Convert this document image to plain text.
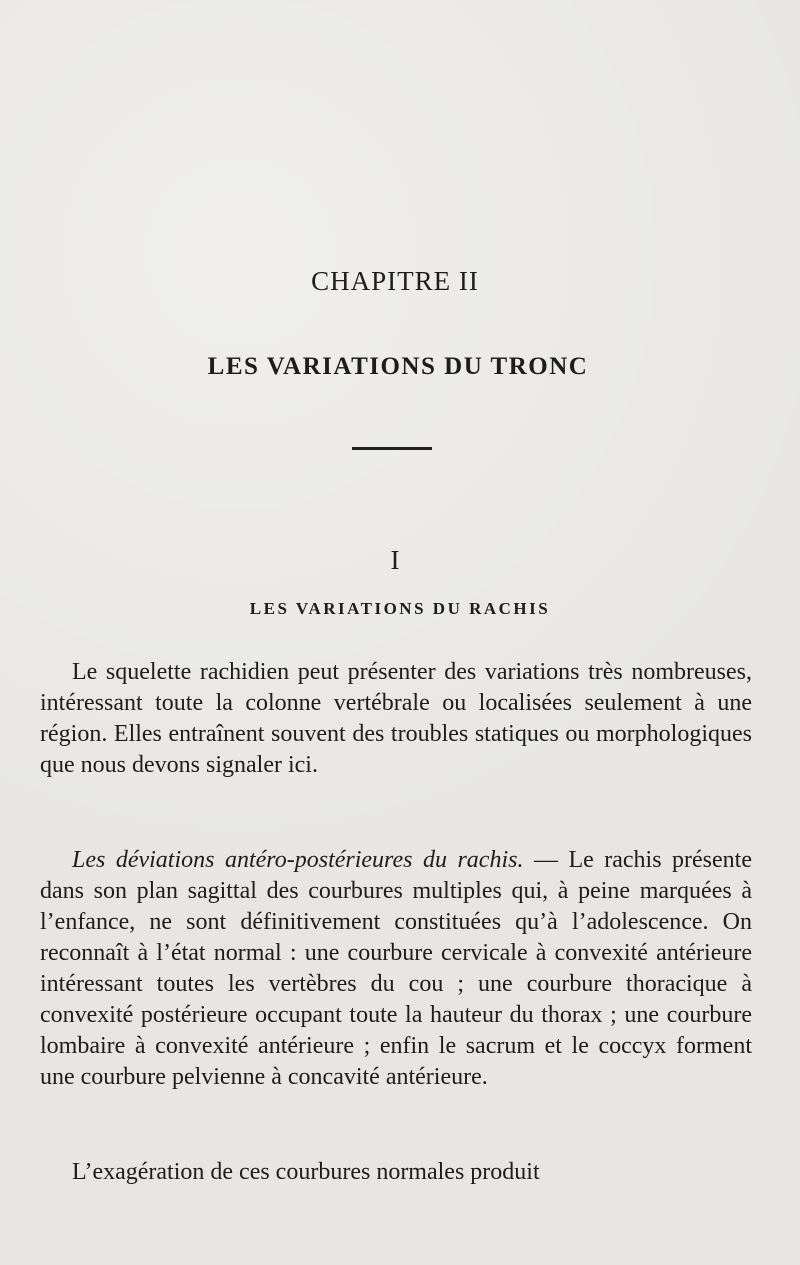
CHAPITRE II
LES VARIATIONS DU TRONC
I
LES VARIATIONS DU RACHIS

Le squelette rachidien peut présenter des variations très nombreuses, intéressant toute la colonne vertébrale ou localisées seulement à une région. Elles entraînent souvent des troubles statiques ou morphologiques que nous devons signaler ici.

Les déviations antéro-postérieures du rachis. — Le rachis présente dans son plan sagittal des courbures multiples qui, à peine marquées à l’enfance, ne sont définitivement constituées qu’à l’adolescence. On reconnaît à l’état normal : une courbure cervicale à convexité antérieure intéressant toutes les vertèbres du cou ; une courbure thoracique à convexité postérieure occupant toute la hauteur du thorax ; une courbure lombaire à convexité antérieure ; enfin le sacrum et le coccyx forment une courbure pelvienne à concavité antérieure.

L’exagération de ces courbures normales produit
